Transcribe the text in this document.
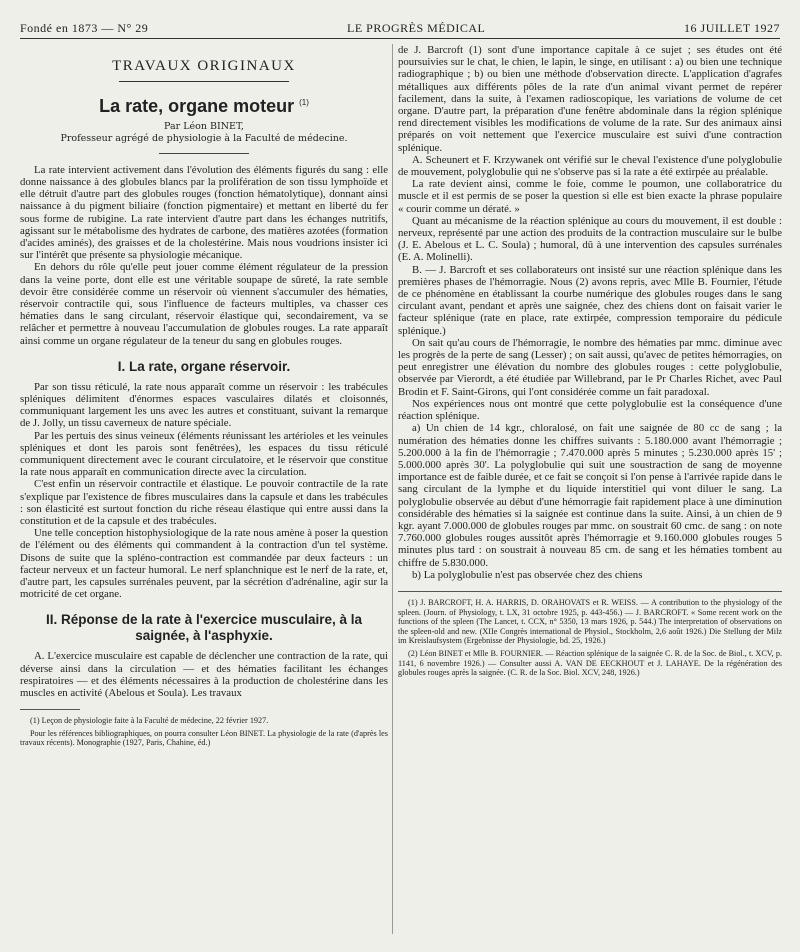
Fondé en 1873 — N° 29	LE PROGRÈS MÉDICAL	16 JUILLET 1927
TRAVAUX ORIGINAUX
La rate, organe moteur $^{(1)}$

Par Léon BINET,

Professeur agrégé de physiologie à la Faculté de médecine.

La rate intervient activement dans l'évolution des éléments figurés du sang : elle donne naissance à des globules blancs par la prolifération de son tissu lymphoïde et elle détruit d'autre part des globules rouges (fonction hématolytique), donnant ainsi naissance à du pigment biliaire (fonction pigmentaire) et mettant en liberté du fer sous forme de rubigine. La rate intervient d'autre part dans les échanges nutritifs, agissant sur le métabolisme des hydrates de carbone, des matières azotées (formation d'acides aminés), des graisses et de la cholestérine. Mais nous voudrions insister ici sur l'intérêt que présente sa physiologie mécanique.

En dehors du rôle qu'elle peut jouer comme élément régulateur de la pression dans la veine porte, dont elle est une véritable soupape de sûreté, la rate semble devoir être considérée comme un réservoir où viennent s'accumuler des hématies, réservoir contractile qui, sous l'influence de facteurs multiples, va chasser ces hématies dans le sang circulant, réservoir élastique qui, secondairement, va se relâcher et permettre à nouveau l'accumulation de globules rouges. La rate apparaît ainsi comme un organe régulateur de la teneur du sang en globules rouges.

I. La rate, organe réservoir.

Par son tissu réticulé, la rate nous apparaît comme un réservoir : les trabécules spléniques délimitent d'énormes espaces vasculaires dilatés et cloisonnés, communiquant largement les uns avec les autres et constituant, suivant la remarque de J. Jolly, un tissu caverneux de nature spéciale.

Par les pertuis des sinus veineux (éléments réunissant les artérioles et les veinules spléniques et dont les parois sont fenêtrées), les espaces du tissu réticulé communiquent directement avec le courant circulatoire, et le réservoir que constitue la rate nous apparaît en communication directe avec la circulation.

C'est enfin un réservoir contractile et élastique. Le pouvoir contractile de la rate s'explique par l'existence de fibres musculaires dans la capsule et dans les trabécules : son élasticité est surtout fonction du riche réseau élastique qui entre aussi dans la constitution et de la capsule et des trabécules.

Une telle conception histophysiologique de la rate nous amène à poser la question de l'élément ou des éléments qui commandent à la contraction d'un tel système. Disons de suite que la spléno-contraction est commandée par deux facteurs : un facteur nerveux et un facteur humoral. Le nerf splanchnique est le nerf de la rate, et, d'autre part, les capsules surrénales peuvent, par la sécrétion d'adrénaline, agir sur la motricité de cet organe.

II. Réponse de la rate à l'exercice musculaire, à la saignée, à l'asphyxie.

A. L'exercice musculaire est capable de déclencher une contraction de la rate, qui déverse ainsi dans la circulation — et des hématies facilitant les échanges respiratoires — et des éléments nécessaires à la production de cholestérine dans les muscles en activité (Abelous et Soula). Les travaux

(1) Leçon de physiologie faite à la Faculté de médecine, 22 février 1927.

Pour les références bibliographiques, on pourra consulter Léon BINET. La physiologie de la rate (d'après les travaux récents). Monographie (1927, Paris, Chahine, éd.)

de J. Barcroft (1) sont d'une importance capitale à ce sujet ; ses études ont été poursuivies sur le chat, le chien, le lapin, le singe, en utilisant : a) ou bien une technique radiographique ; b) ou bien une méthode d'observation directe. L'application d'agrafes métalliques aux différents pôles de la rate d'un animal vivant permet de repérer facilement, dans la suite, à l'examen radioscopique, les variations de volume de cet organe. D'autre part, la préparation d'une fenêtre abdominale dans la région splénique rend directement visibles les modifications de volume de la rate. Sur des animaux ainsi préparés on voit nettement que l'exercice musculaire est suivi d'une contraction splénique.

A. Scheunert et F. Krzywanek ont vérifié sur le cheval l'existence d'une polyglobulie de mouvement, polyglobulie qui ne s'observe pas si la rate a été extirpée au préalable.

La rate devient ainsi, comme le foie, comme le poumon, une collaboratrice du muscle et il est permis de se poser la question si elle est bien exacte la phrase populaire « courir comme un dératé. »

Quant au mécanisme de la réaction splénique au cours du mouvement, il est double : nerveux, représenté par une action des produits de la contraction musculaire sur le bulbe (J. E. Abelous et L. C. Soula) ; humoral, dû à une intervention des capsules surrénales (E. A. Molinelli).

B. — J. Barcroft et ses collaborateurs ont insisté sur une réaction splénique dans les premières phases de l'hémorragie. Nous (2) avons repris, avec Mlle B. Fournier, l'étude de ce phénomène en établissant la courbe numérique des globules rouges dans le sang circulant avant, pendant et après une saignée, chez des chiens dont on faisait varier le facteur splénique (rate en place, rate extirpée, compression temporaire du pédicule splénique.)

On sait qu'au cours de l'hémorragie, le nombre des hématies par mmc. diminue avec les progrès de la perte de sang (Lesser) ; on sait aussi, qu'avec de petites hémorragies, on peut enregistrer une élévation du nombre des globules rouges : cette polyglobulie, observée par Vierordt, a été étudiée par Willebrand, par le Pr Charles Richet, avec Paul Brodin et F. Saint-Girons, qui l'ont considérée comme un fait paradoxal.

Nos expériences nous ont montré que cette polyglobulie est la conséquence d'une réaction splénique.

a) Un chien de 14 kgr., chloralosé, on fait une saignée de 80 cc de sang ; la numération des hématies donne les chiffres suivants : 5.180.000 avant l'hémorragie ; 5.200.000 à la fin de l'hémorragie ; 7.470.000 après 5 minutes ; 5.230.000 après 15' ; 5.000.000 après 30'. La polyglobulie qui suit une soustraction de sang de moyenne importance est de faible durée, et ce fait se conçoit si l'on pense à l'arrivée rapide dans le sang circulant de la lymphe et du liquide interstitiel qui vont diluer le sang. La polyglobulie observée au début d'une hémorragie fait rapidement place à une diminution considérable des hématies si la saignée est continue dans la suite. Ainsi, à un chien de 9 kgr. ayant 7.000.000 de globules rouges par mmc. on soustrait 60 cmc. de sang : on note 7.760.000 globules rouges aussitôt après l'hémorragie et 9.160.000 globules rouges 5 minutes plus tard : on soustrait à nouveau 85 cm. de sang et les hématies tombent au chiffre de 5.830.000.

b) La polyglobulie n'est pas observée chez des chiens

(1) J. BARCROFT, H. A. HARRIS, D. ORAHOVATS et R. WEISS. — A contribution to the physiology of the spleen. (Journ. of Physiology, t. LX, 31 octobre 1925, p. 443-456.) — J. BARCROFT. « Some recent work on the functions of the spleen (The Lancet, t. CCX, n° 5350, 13 mars 1926, p. 544.) The interpretation of observations on the spleen-old and new. (XIIe Congrès international de Physiol., Stockholm, 2,6 août 1926.) Die Stellung der Milz im Kreislaufsystem (Ergebnisse der Physiologie, bd. 25, 1926.)

(2) Léon BINET et Mlle B. FOURNIER. — Réaction splénique de la saignée C. R. de la Soc. de Biol., t. XCV, p. 1141, 6 novembre 1926.) — Consulter aussi A. VAN DE EECKHOUT et J. LAHAYE. De la régénération des globules rouges après la saignée. (C. R. de la Soc. Biol. XCV, 248, 1926.)
